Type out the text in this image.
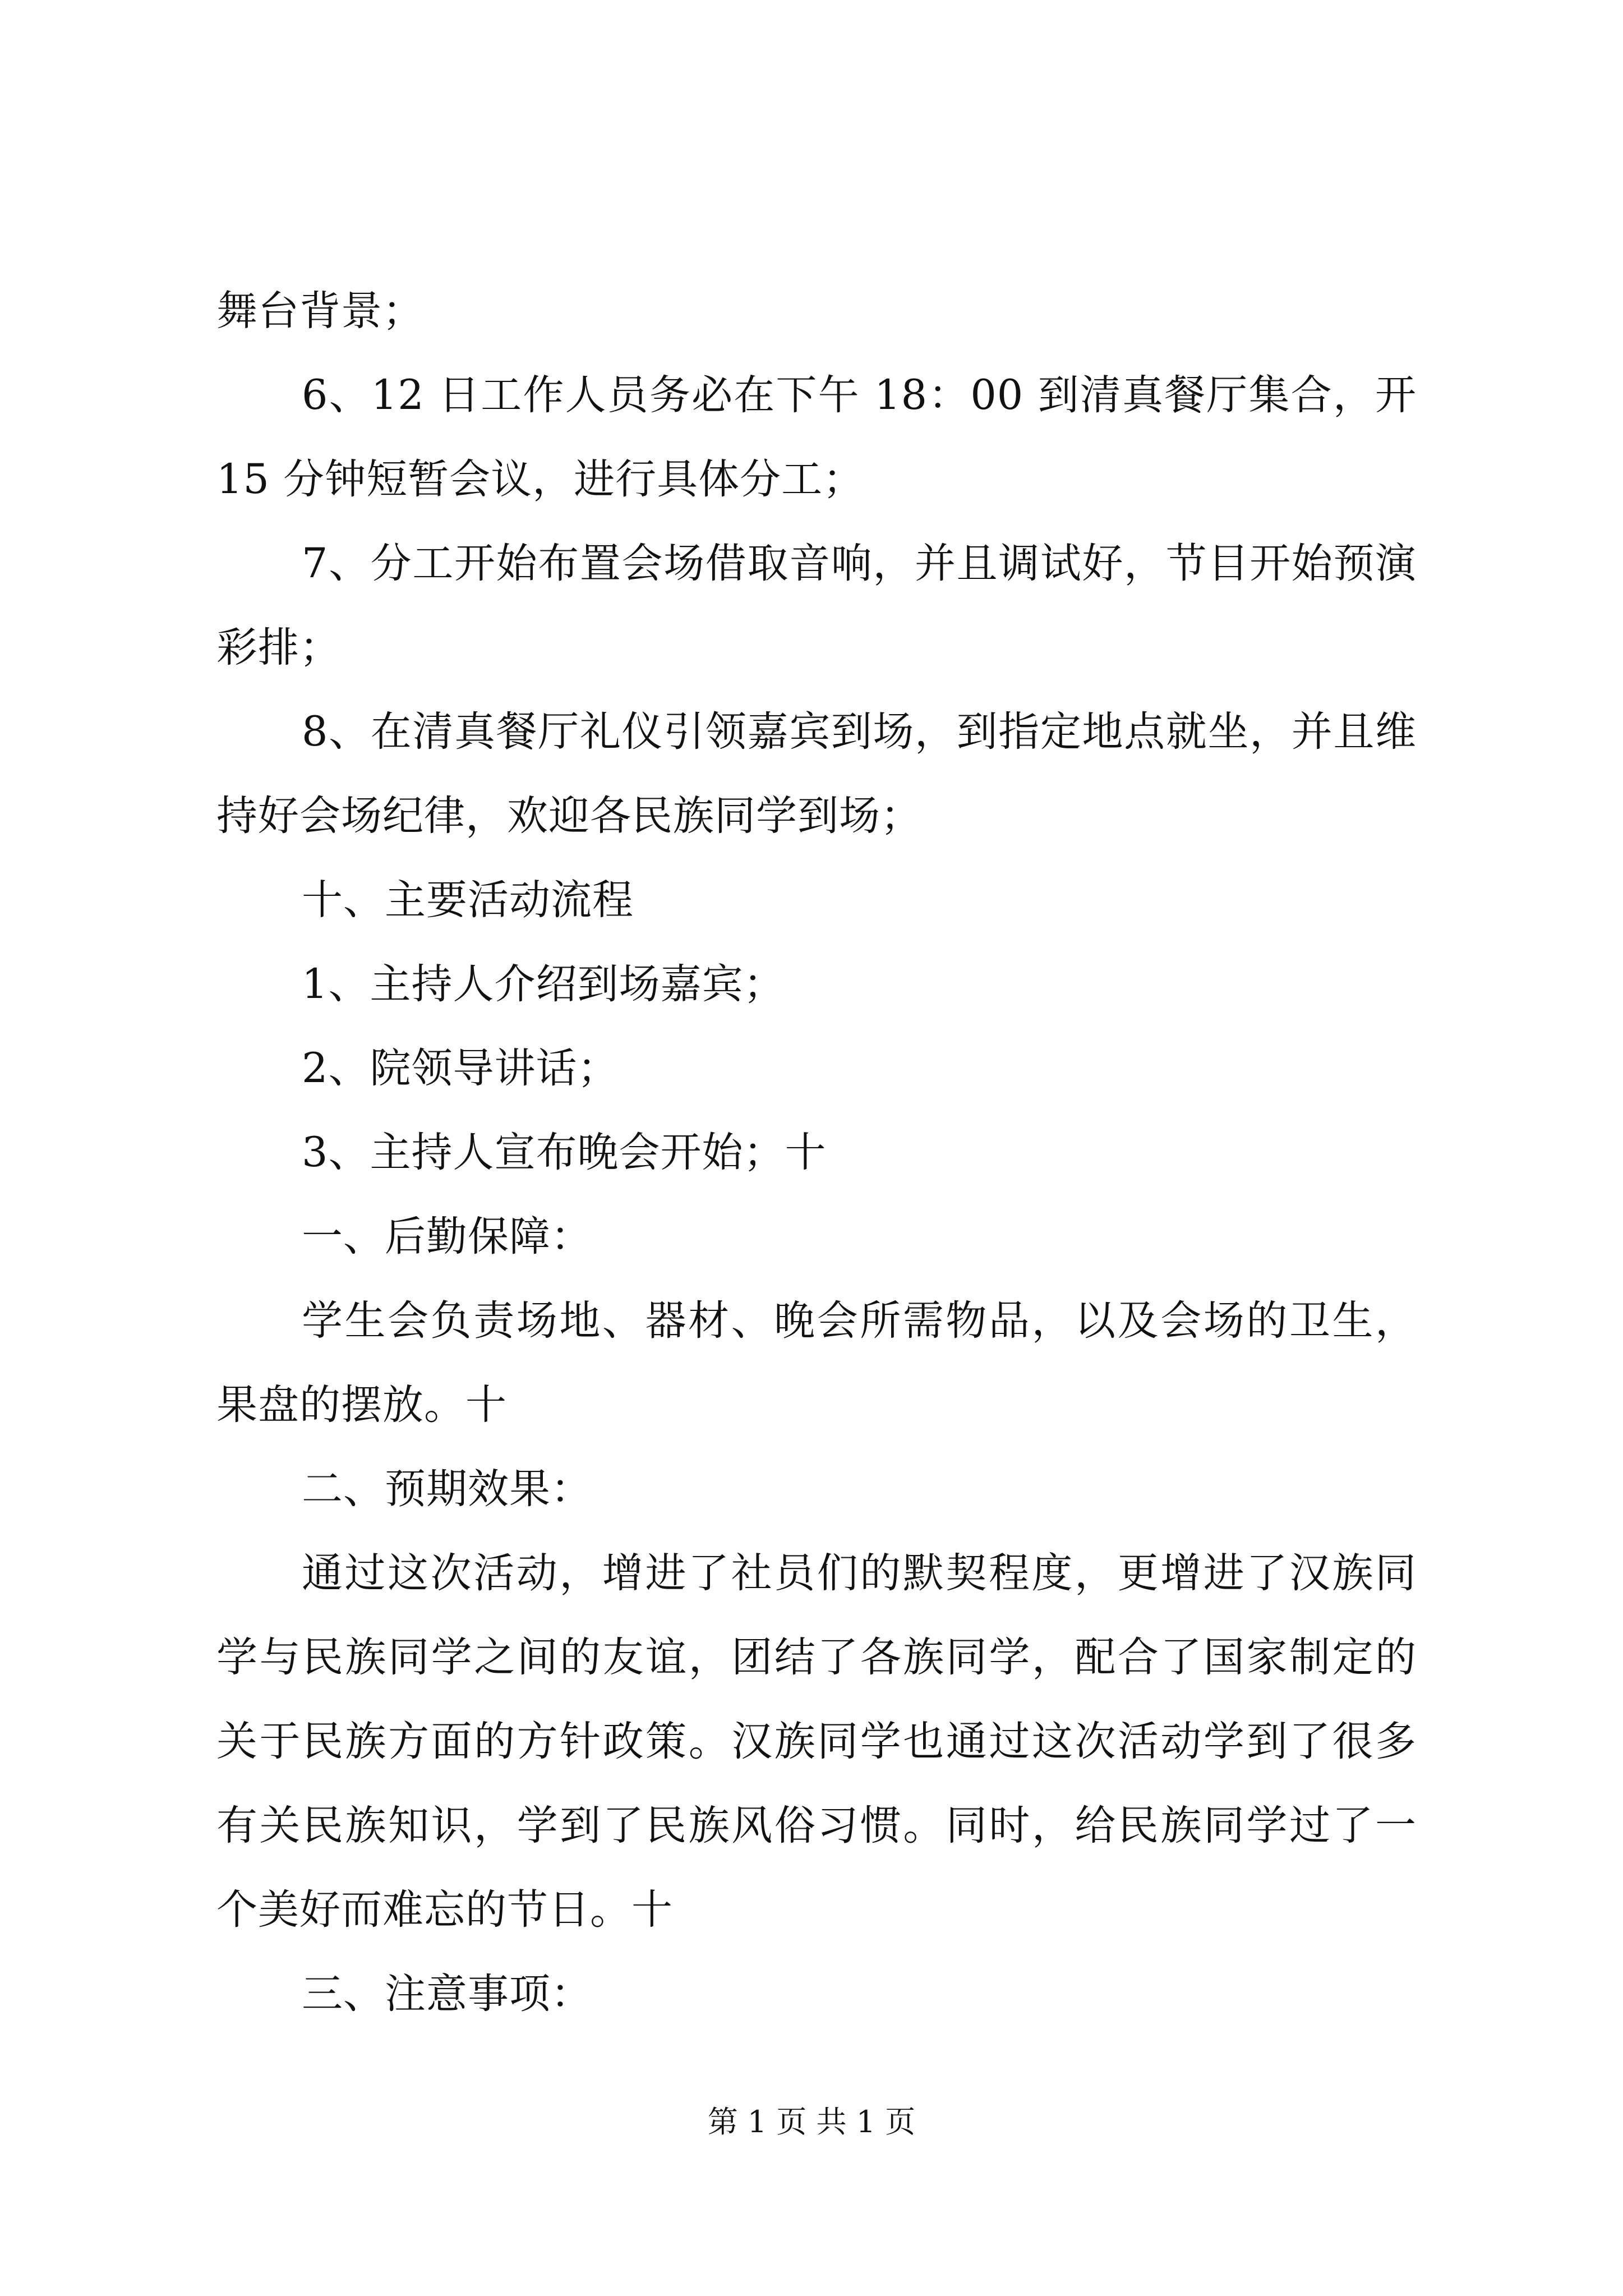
舞台背景；

6、12 日工作人员务必在下午 18：00 到清真餐厅集合，开 15 分钟短暂会议，进行具体分工；

7、分工开始布置会场借取音响，并且调试好，节目开始预演彩排；

8、在清真餐厅礼仪引领嘉宾到场，到指定地点就坐，并且维持好会场纪律，欢迎各民族同学到场；

十、主要活动流程

1、主持人介绍到场嘉宾；

2、院领导讲话；

3、主持人宣布晚会开始；十

一、后勤保障：

学生会负责场地、器材、晚会所需物品，以及会场的卫生，果盘的摆放。十

二、预期效果：

通过这次活动，增进了社员们的默契程度，更增进了汉族同学与民族同学之间的友谊，团结了各族同学，配合了国家制定的关于民族方面的方针政策。汉族同学也通过这次活动学到了很多有关民族知识，学到了民族风俗习惯。同时，给民族同学过了一个美好而难忘的节日。十

三、注意事项：

第 1 页 共 1 页
